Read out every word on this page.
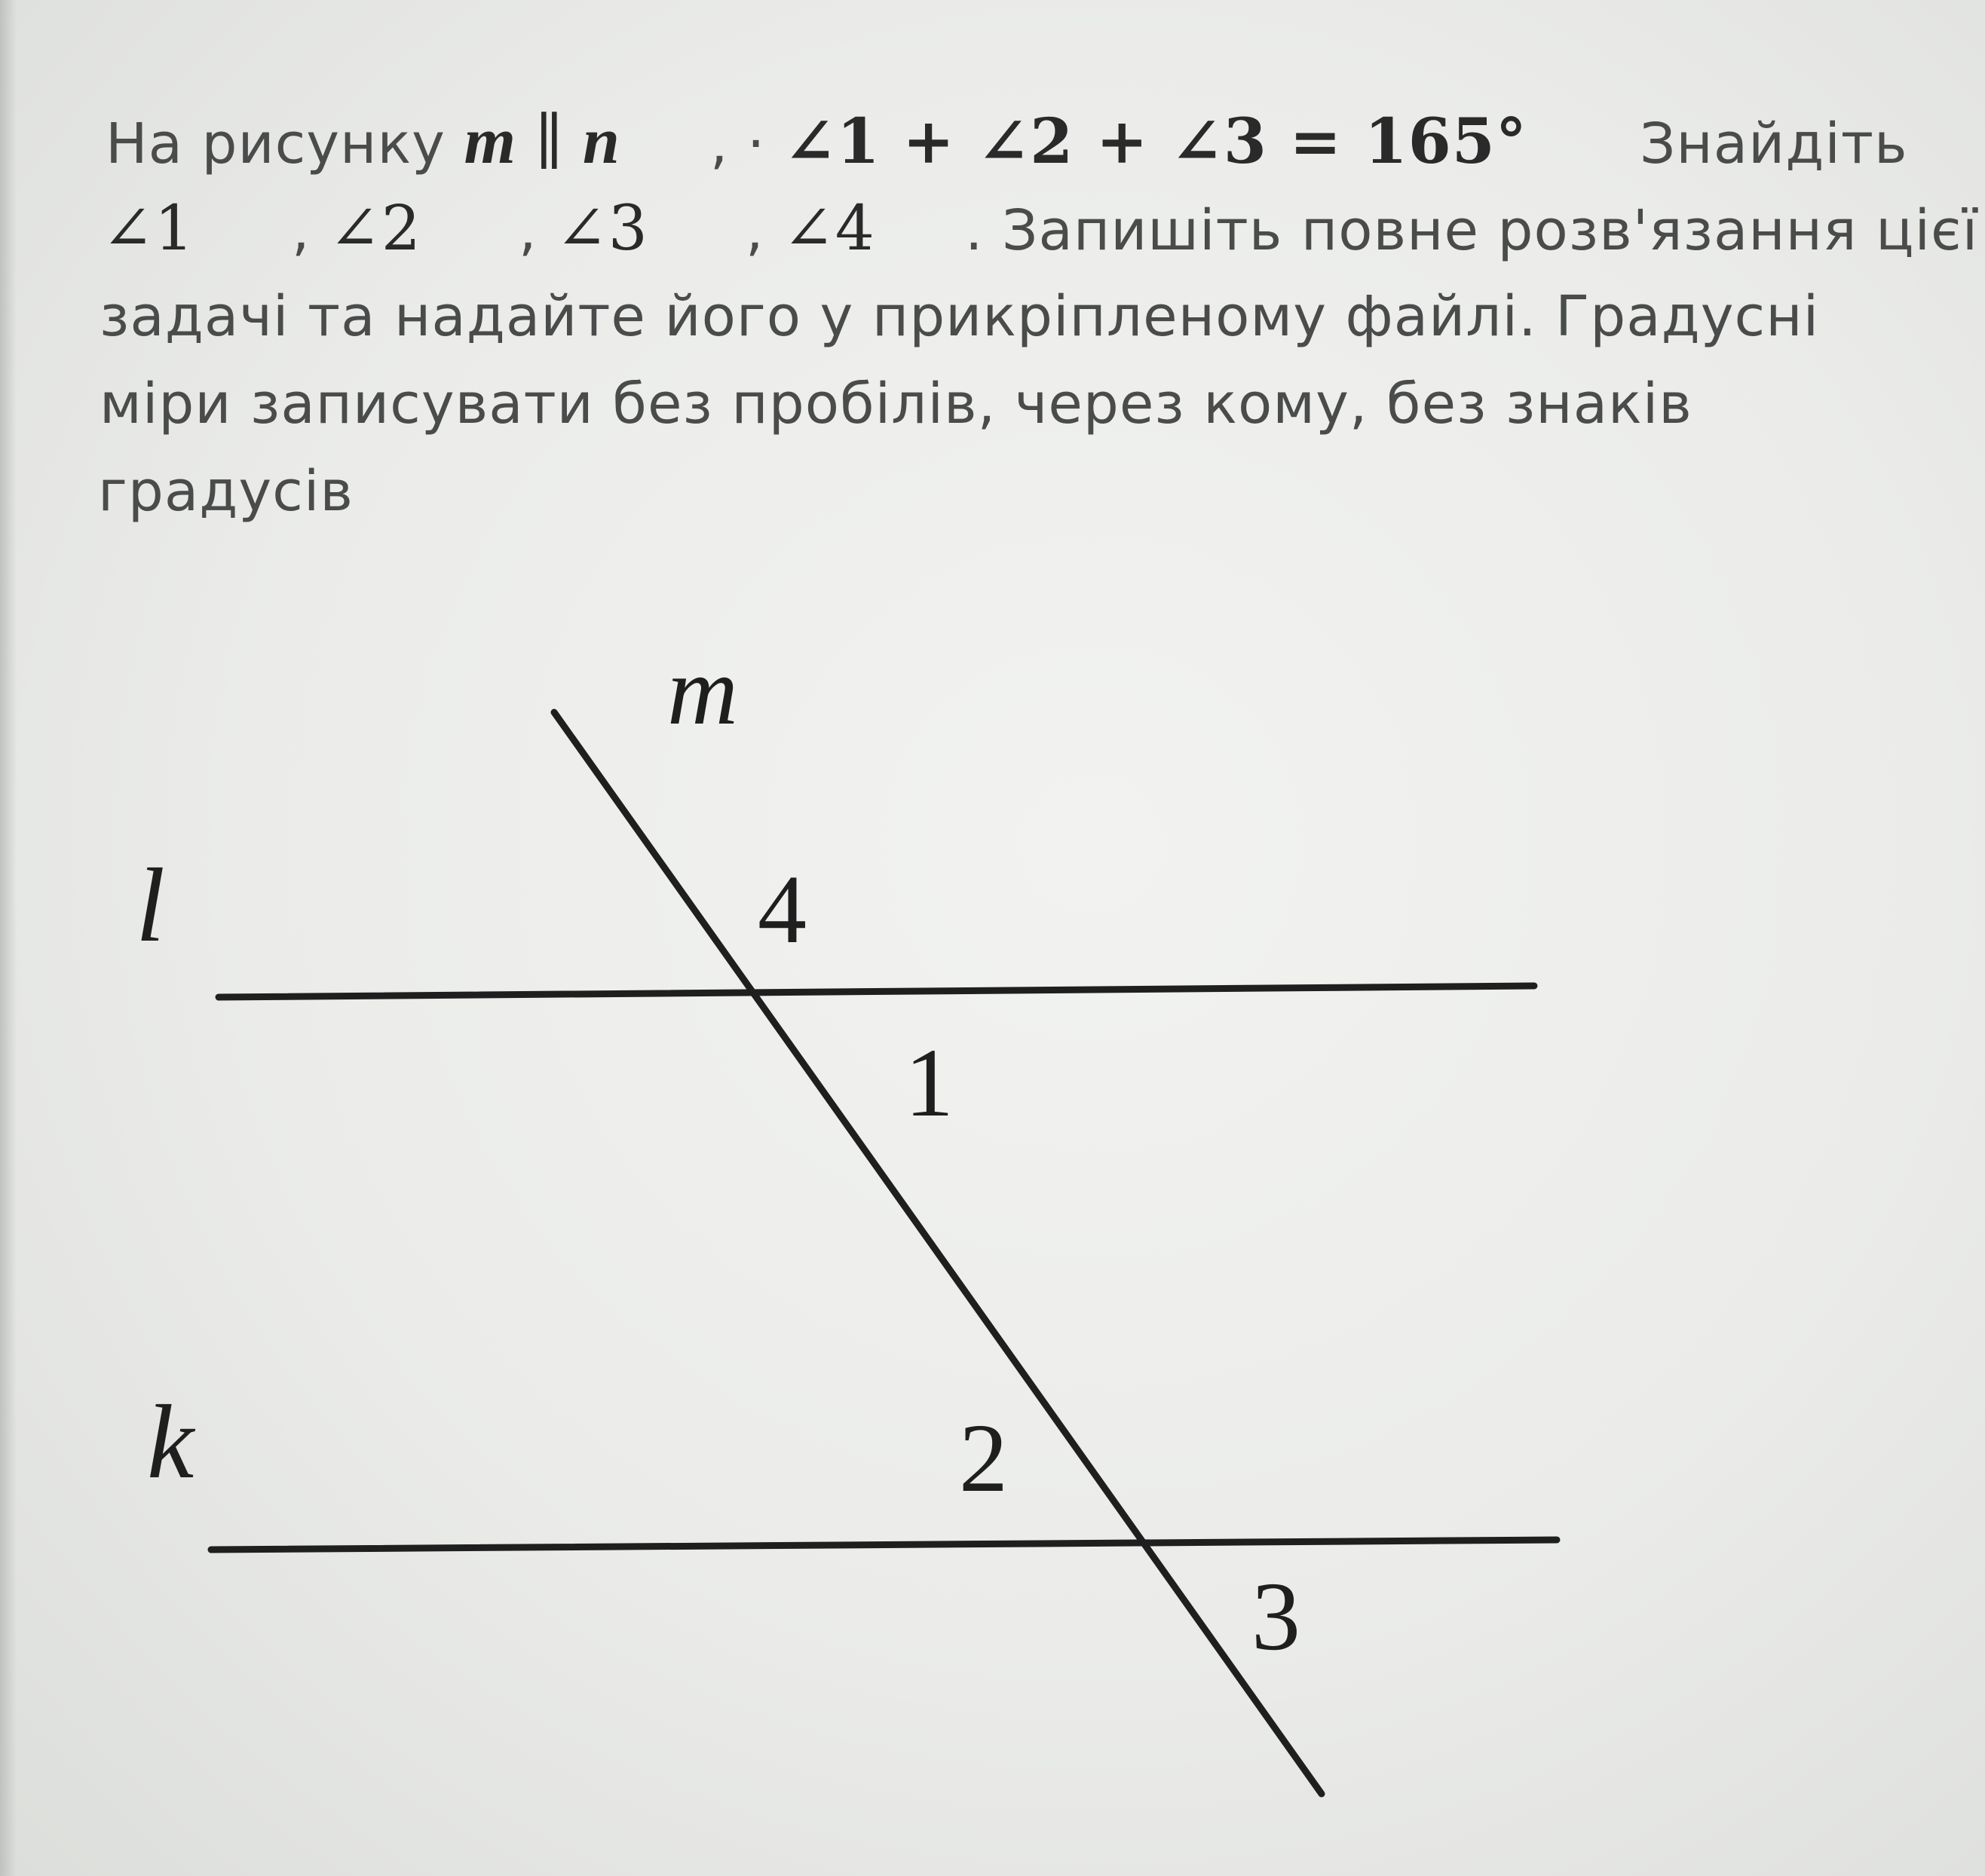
На рисунку m ∥ n , · ∠1 + ∠2 + ∠3 = 165° Знайдіть
∠1 , ∠2 , ∠3 , ∠4 . Запишіть повне розв'язання цієї
задачі та надайте його у прикріпленому файлі. Градусні
міри записувати без пробілів, через кому, без знаків
градусів
m
l
k
4
1
2
3
